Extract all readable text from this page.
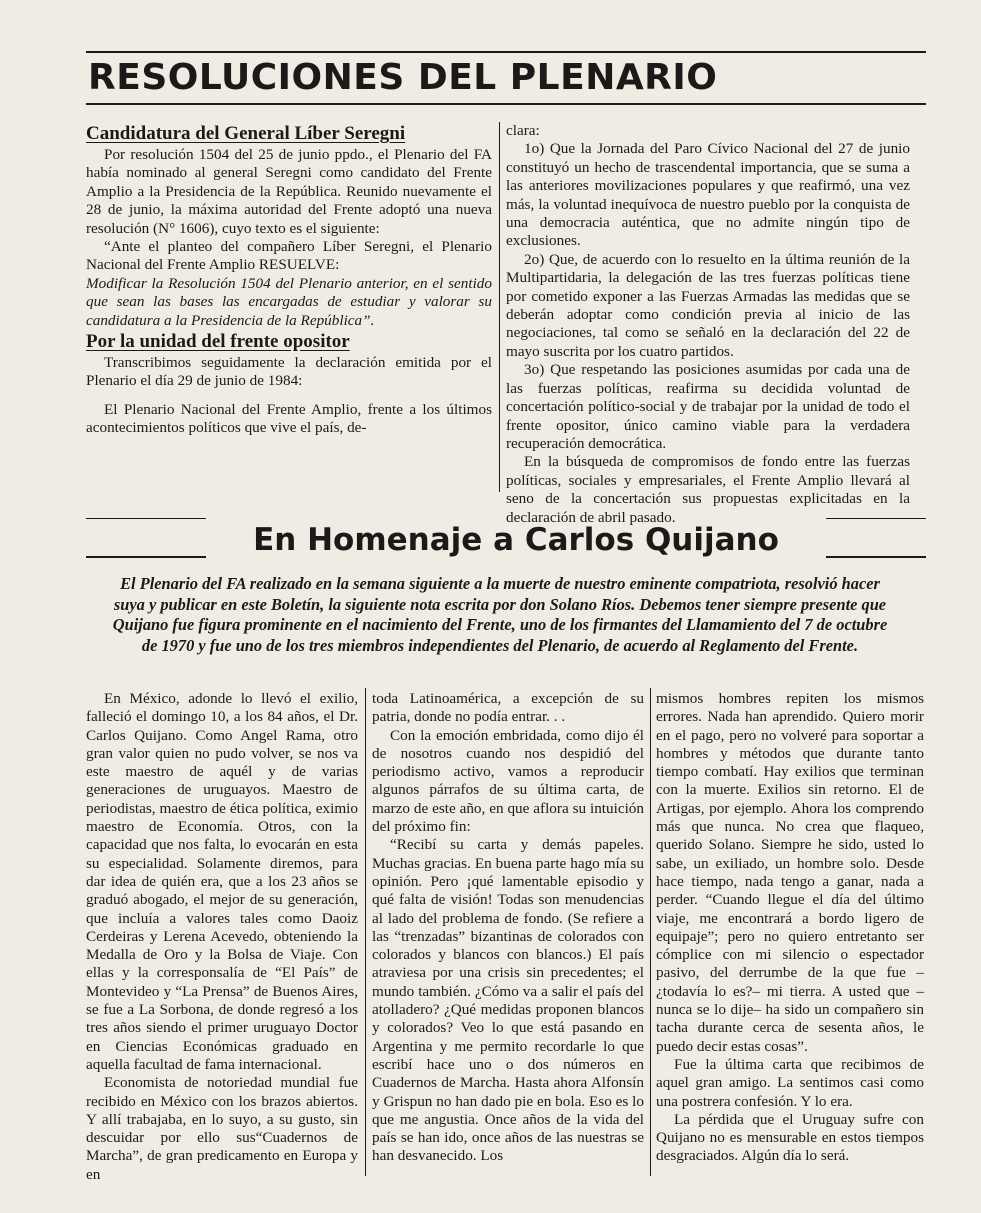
RESOLUCIONES DEL PLENARIO

Candidatura del General Líber Seregni

Por resolución 1504 del 25 de junio ppdo., el Plenario del FA había nominado al general Seregni como candidato del Frente Amplio a la Presidencia de la República. Reunido nuevamente el 28 de junio, la máxima autoridad del Frente adoptó una nueva resolución (N° 1606), cuyo texto es el siguiente:

“Ante el planteo del compañero Líber Seregni, el Plenario Nacional del Frente Amplio RESUELVE:

Modificar la Resolución 1504 del Plenario anterior, en el sentido que sean las bases las encargadas de estudiar y valorar su candidatura a la Presidencia de la República”.

Por la unidad del frente opositor

Transcribimos seguidamente la declaración emitida por el Plenario el día 29 de junio de 1984:

El Plenario Nacional del Frente Amplio, frente a los últimos acontecimientos políticos que vive el país, de-

clara:

1o) Que la Jornada del Paro Cívico Nacional del 27 de junio constituyó un hecho de trascendental importancia, que se suma a las anteriores movilizaciones populares y que reafirmó, una vez más, la voluntad inequívoca de nuestro pueblo por la conquista de una democracia auténtica, que no admite ningún tipo de exclusiones.

2o) Que, de acuerdo con lo resuelto en la última reunión de la Multipartidaria, la delegación de las tres fuerzas políticas tiene por cometido exponer a las Fuerzas Armadas las medidas que se deberán adoptar como condición previa al inicio de las negociaciones, tal como se señaló en la declaración del 22 de mayo suscrita por los cuatro partidos.

3o) Que respetando las posiciones asumidas por cada una de las fuerzas políticas, reafirma su decidida voluntad de concertación político-social y de trabajar por la unidad de todo el frente opositor, único camino viable para la verdadera recuperación democrática.

En la búsqueda de compromisos de fondo entre las fuerzas políticas, sociales y empresariales, el Frente Amplio llevará al seno de la concertación sus propuestas explicitadas en la declaración de abril pasado.

En Homenaje a Carlos Quijano
El Plenario del FA realizado en la semana siguiente a la muerte de nuestro eminente compatriota, resolvió hacer suya y publicar en este Boletín, la siguiente nota escrita por don Solano Ríos. Debemos tener siempre presente que Quijano fue figura prominente en el nacimiento del Frente, uno de los firmantes del Llamamiento del 7 de octubre de 1970 y fue uno de los tres miembros independientes del Plenario, de acuerdo al Reglamento del Frente.

En México, adonde lo llevó el exilio, falleció el domingo 10, a los 84 años, el Dr. Carlos Quijano. Como Angel Rama, otro gran valor quien no pudo volver, se nos va este maestro de aquél y de varias generaciones de uruguayos. Maestro de periodistas, maestro de ética política, eximio maestro de Economía. Otros, con la capacidad que nos falta, lo evocarán en esta su especialidad. Solamente diremos, para dar idea de quién era, que a los 23 años se graduó abogado, el mejor de su generación, que incluía a valores tales como Daoiz Cerdeiras y Lerena Acevedo, obteniendo la Medalla de Oro y la Bolsa de Viaje. Con ellas y la corresponsalía de “El País” de Montevideo y “La Prensa” de Buenos Aires, se fue a La Sorbona, de donde regresó a los tres años siendo el primer uruguayo Doctor en Ciencias Económicas graduado en aquella facultad de fama internacional.

Economista de notoriedad mundial fue recibido en México con los brazos abiertos. Y allí trabajaba, en lo suyo, a su gusto, sin descuidar por ello sus“Cuadernos de Marcha”, de gran predicamento en Europa y en

toda Latinoamérica, a excepción de su patria, donde no podía entrar. . .

Con la emoción embridada, como dijo él de nosotros cuando nos despidió del periodismo activo, vamos a reproducir algunos párrafos de su última carta, de marzo de este año, en que aflora su intuición del próximo fin:

“Recibí su carta y demás papeles. Muchas gracias. En buena parte hago mía su opinión. Pero ¡qué lamentable episodio y qué falta de visión! Todas son menudencias al lado del problema de fondo. (Se refiere a las “trenzadas” bizantinas de colorados con colorados y blancos con blancos.) El país atraviesa por una crisis sin precedentes; el mundo también. ¿Cómo va a salir el país del atolladero? ¿Qué medidas proponen blancos y colorados? Veo lo que está pasando en Argentina y me permito recordarle lo que escribí hace uno o dos números en Cuadernos de Marcha. Hasta ahora Alfonsín y Grispun no han dado pie en bola. Eso es lo que me angustia. Once años de la vida del país se han ido, once años de las nuestras se han desvanecido. Los

mismos hombres repiten los mismos errores. Nada han aprendido. Quiero morir en el pago, pero no volveré para soportar a hombres y métodos que durante tanto tiempo combatí. Hay exilios que terminan con la muerte. Exilios sin retorno. El de Artigas, por ejemplo. Ahora los comprendo más que nunca. No crea que flaqueo, querido Solano. Siempre he sido, usted lo sabe, un exiliado, un hombre solo. Desde hace tiempo, nada tengo a ganar, nada a perder. “Cuando llegue el día del último viaje, me encontrará a bordo ligero de equipaje”; pero no quiero entretanto ser cómplice con mi silencio o espectador pasivo, del derrumbe de la que fue –¿todavía lo es?– mi tierra. A usted que –nunca se lo dije– ha sido un compañero sin tacha durante cerca de sesenta años, le puedo decir estas cosas”.

Fue la última carta que recibimos de aquel gran amigo. La sentimos casi como una postrera confesión. Y lo era.

La pérdida que el Uruguay sufre con Quijano no es mensurable en estos tiempos desgraciados. Algún día lo será.
